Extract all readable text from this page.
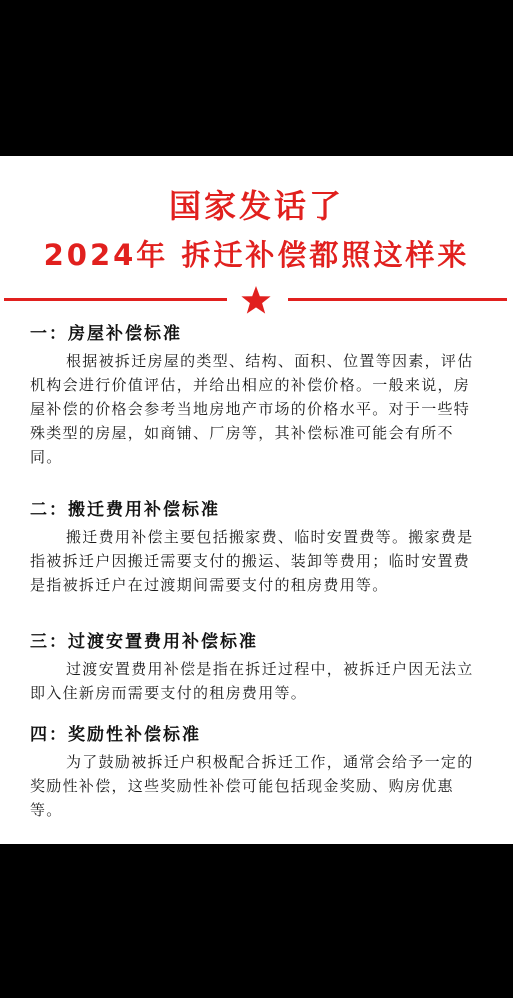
国家发话了
2024年 拆迁补偿都照这样来
一：房屋补偿标准

根据被拆迁房屋的类型、结构、面积、位置等因素，评估机构会进行价值评估，并给出相应的补偿价格。一般来说，房屋补偿的价格会参考当地房地产市场的价格水平。对于一些特殊类型的房屋，如商铺、厂房等，其补偿标准可能会有所不同。

二：搬迁费用补偿标准

搬迁费用补偿主要包括搬家费、临时安置费等。搬家费是指被拆迁户因搬迁需要支付的搬运、装卸等费用；临时安置费是指被拆迁户在过渡期间需要支付的租房费用等。

三：过渡安置费用补偿标准

过渡安置费用补偿是指在拆迁过程中，被拆迁户因无法立即入住新房而需要支付的租房费用等。

四：奖励性补偿标准

为了鼓励被拆迁户积极配合拆迁工作，通常会给予一定的奖励性补偿，这些奖励性补偿可能包括现金奖励、购房优惠等。
